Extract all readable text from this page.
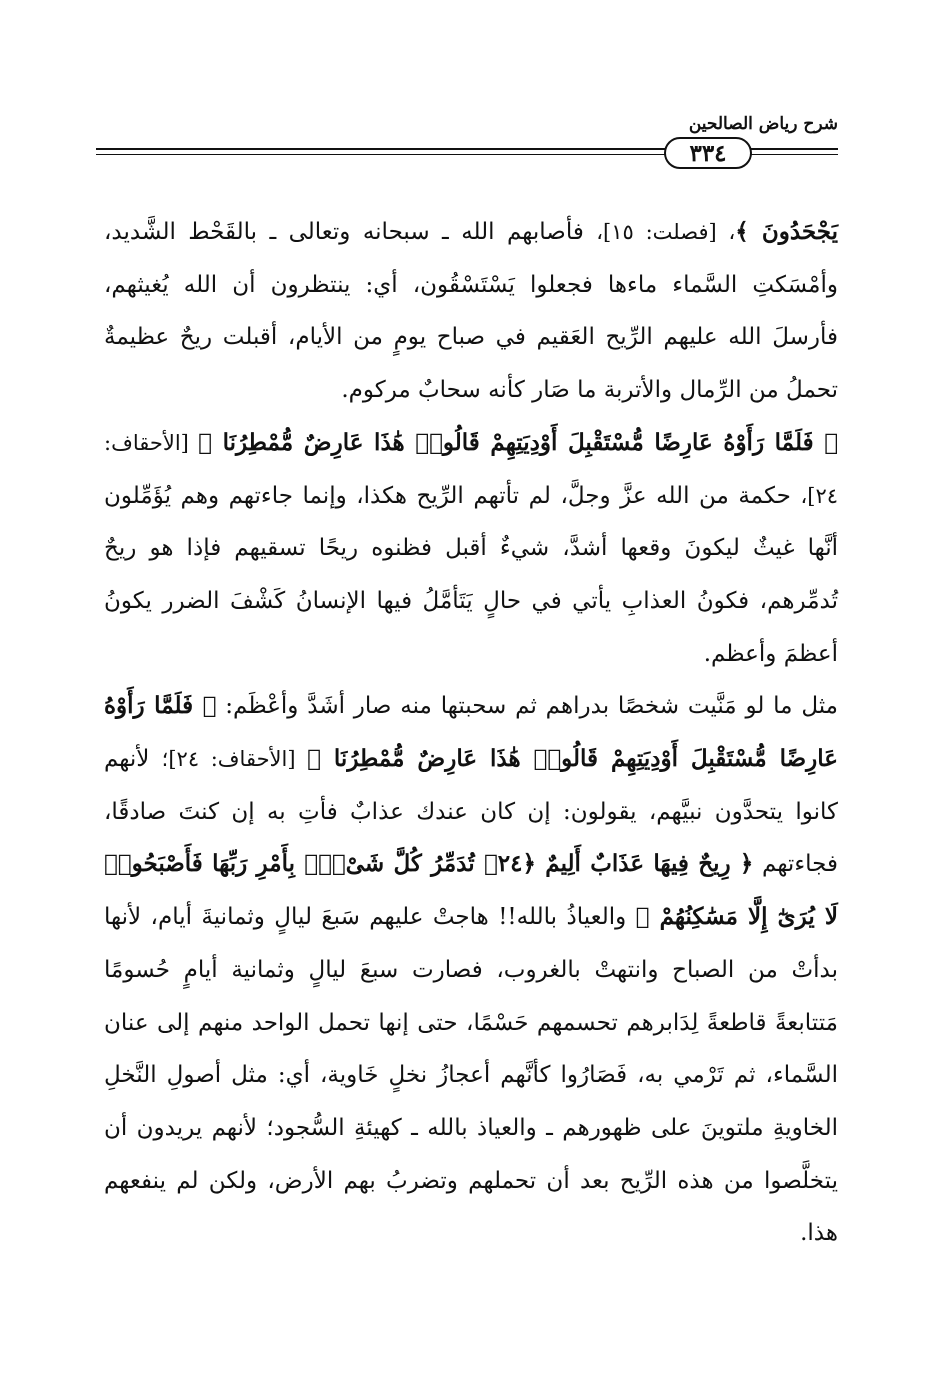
شرح رياض الصالحين
٣٣٤

يَجْحَدُونَ ﴾، [فصلت: ١٥]، فأصابهم الله ـ سبحانه وتعالى ـ بالقَحْط الشَّديد، وأمْسَكتِ السَّماء ماءها فجعلوا يَسْتَسْقُون، أي: ينتظرون أن الله يُغيثهم، فأرسلَ الله عليهم الرِّيح العَقيم في صباح يومٍ من الأيام، أقبلت ريحٌ عظيمةٌ تحملُ من الرِّمال والأتربة ما صَار كأنه سحابٌ مركوم.

﴿ فَلَمَّا رَأَوْهُ عَارِضًا مُّسْتَقْبِلَ أَوْدِيَتِهِمْ قَالُوا۟ هَٰذَا عَارِضٌ مُّمْطِرُنَا ﴾ [الأحقاف: ٢٤]، حكمة من الله عزَّ وجلَّ، لم تأتهم الرِّيح هكذا، وإنما جاءتهم وهم يُؤَمِّلون أنَّها غيثٌ ليكونَ وقعها أشدَّ، شيءٌ أقبل فظنوه ريحًا تسقيهم فإذا هو ريحٌ تُدمِّرهم، فكونُ العذابِ يأتي في حالٍ يَتَأمَّلُ فيها الإنسانُ كَشْفَ الضرر يكونُ أعظمَ وأعظم.

مثل ما لو مَنَّيت شخصًا بدراهم ثم سحبتها منه صار أشَدَّ وأعْظَم: ﴿ فَلَمَّا رَأَوْهُ عَارِضًا مُّسْتَقْبِلَ أَوْدِيَتِهِمْ قَالُوا۟ هَٰذَا عَارِضٌ مُّمْطِرُنَا ﴾ [الأحقاف: ٢٤]؛ لأنهم كانوا يتحدَّون نبيَّهم، يقولون: إن كان عندك عذابٌ فأتِ به إن كنتَ صادقًا، فجاءتهم ﴿ رِيحٌ فِيهَا عَذَابٌ أَلِيمٌ ﴿٢٤﴾ تُدَمِّرُ كُلَّ شَىْءٍۭ بِأَمْرِ رَبِّهَا فَأَصْبَحُوا۟ لَا يُرَىٰٓ إِلَّا مَسَٰكِنُهُمْ ﴾ والعياذُ بالله!! هاجتْ عليهم سَبعَ ليالٍ وثمانيةَ أيام، لأنها بدأتْ من الصباح وانتهتْ بالغروب، فصارت سبعَ ليالٍ وثمانية أيامٍ حُسومًا مَتتابعةً قاطعةً لِدَابرهم تحسمهم حَسْمًا، حتى إنها تحمل الواحد منهم إلى عنان السَّماء، ثم تَرْمي به، فَصَارُوا كأنَّهم أعجازُ نخلٍ خَاوية، أي: مثل أصولِ النَّخلِ الخاويةِ ملتوينَ على ظهورهم ـ والعياذ بالله ـ كهيئةِ السُّجود؛ لأنهم يريدون أن يتخلَّصوا من هذه الرِّيح بعد أن تحملهم وتضربُ بهم الأرض، ولكن لم ينفعهم هذا.
